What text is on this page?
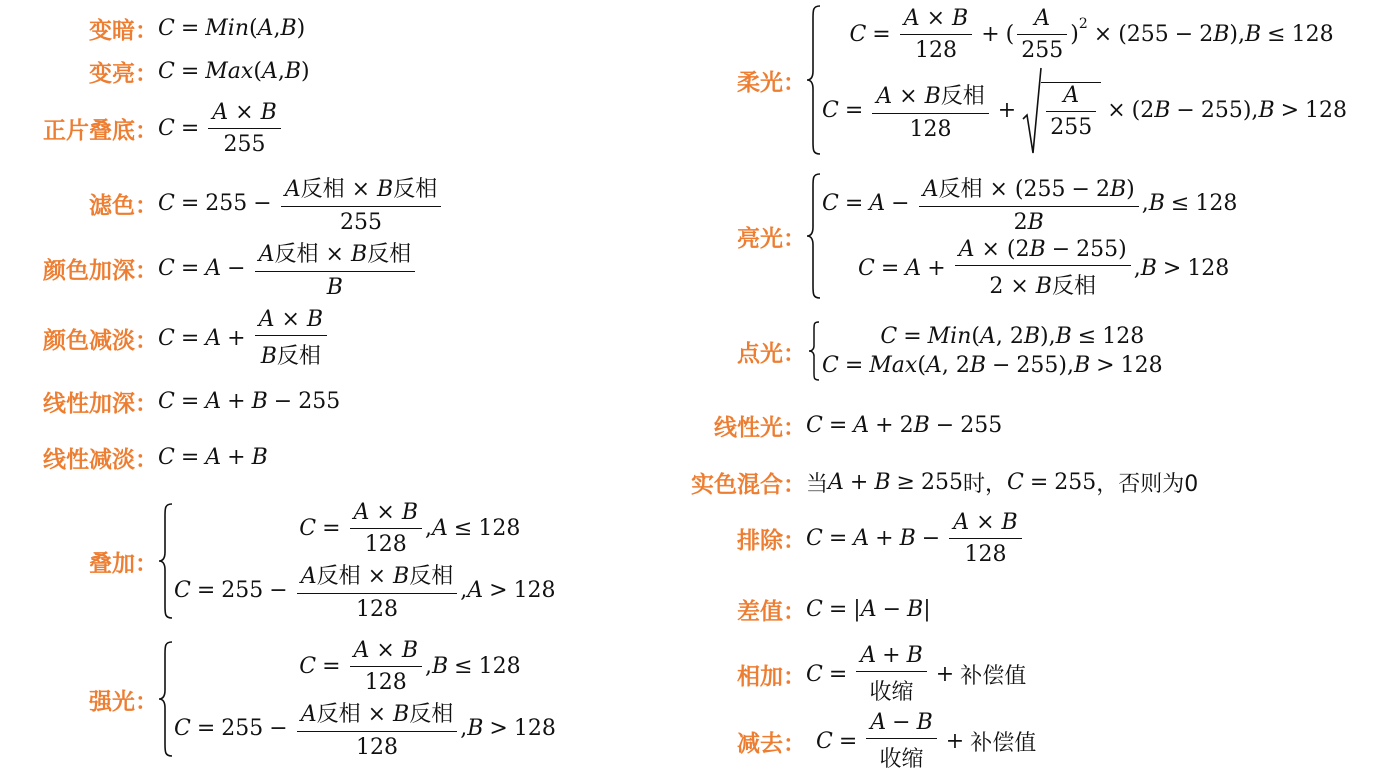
变暗： C = Min ( A , B )
变亮： C = Max ( A , B )
正片叠底： $C = \frac{A \times B}{255}$
滤色： $C = 255 - \frac{\text{A反相 × B反相}}{255}$
颜色加深： $C = A - \frac{\text{A反相 × B反相}}{B}$
颜色减淡： $C = A + \frac{A \times B}{\text{B反相}}$
线性加深： C = A + B − 255
线性减淡： C = A + B
叠加：
$C = \frac{A \times B}{128}$ , A ≤ 128
$C = 255 - \frac{\text{A反相 × B反相}}{128}$ , A > 128
强光：
$C = \frac{A \times B}{128}$ , B ≤ 128
$C = 255 - \frac{\text{A反相 × B反相}}{128}$ , B > 128
柔光：
$C = \frac{A \times B}{128}$ + ( $\frac{A}{255}$ ) 2 × (255 − 2 B ), B ≤ 128
$C = \frac{\text{A × B反相}}{128} + \frac{A}{255} \times (2$ B − 255), B > 128
亮光：
$C = A - \frac{\text{A反相 × (255 − 2B)}}{2B}$ , B ≤ 128
$C = A + \frac{A \times (2B - 255)}{\text{2 × B反相}}$ , B > 128
点光：
C = Min ( A , 2 B ), B ≤ 128
C = Max ( A , 2 B − 255), B > 128
线性光： C = A + 2 B − 255
实色混合： 当 A + B ≥ 255 时， C = 255 ，否则为0
排除： $C = A + B - \frac{A \times B}{128}$
差值： C = | A − B |
相加： $C = \frac{A + B}{\text{收缩}}$ + 补偿值
减去： $C = \frac{A - B}{\text{收缩}}$ + 补偿值
